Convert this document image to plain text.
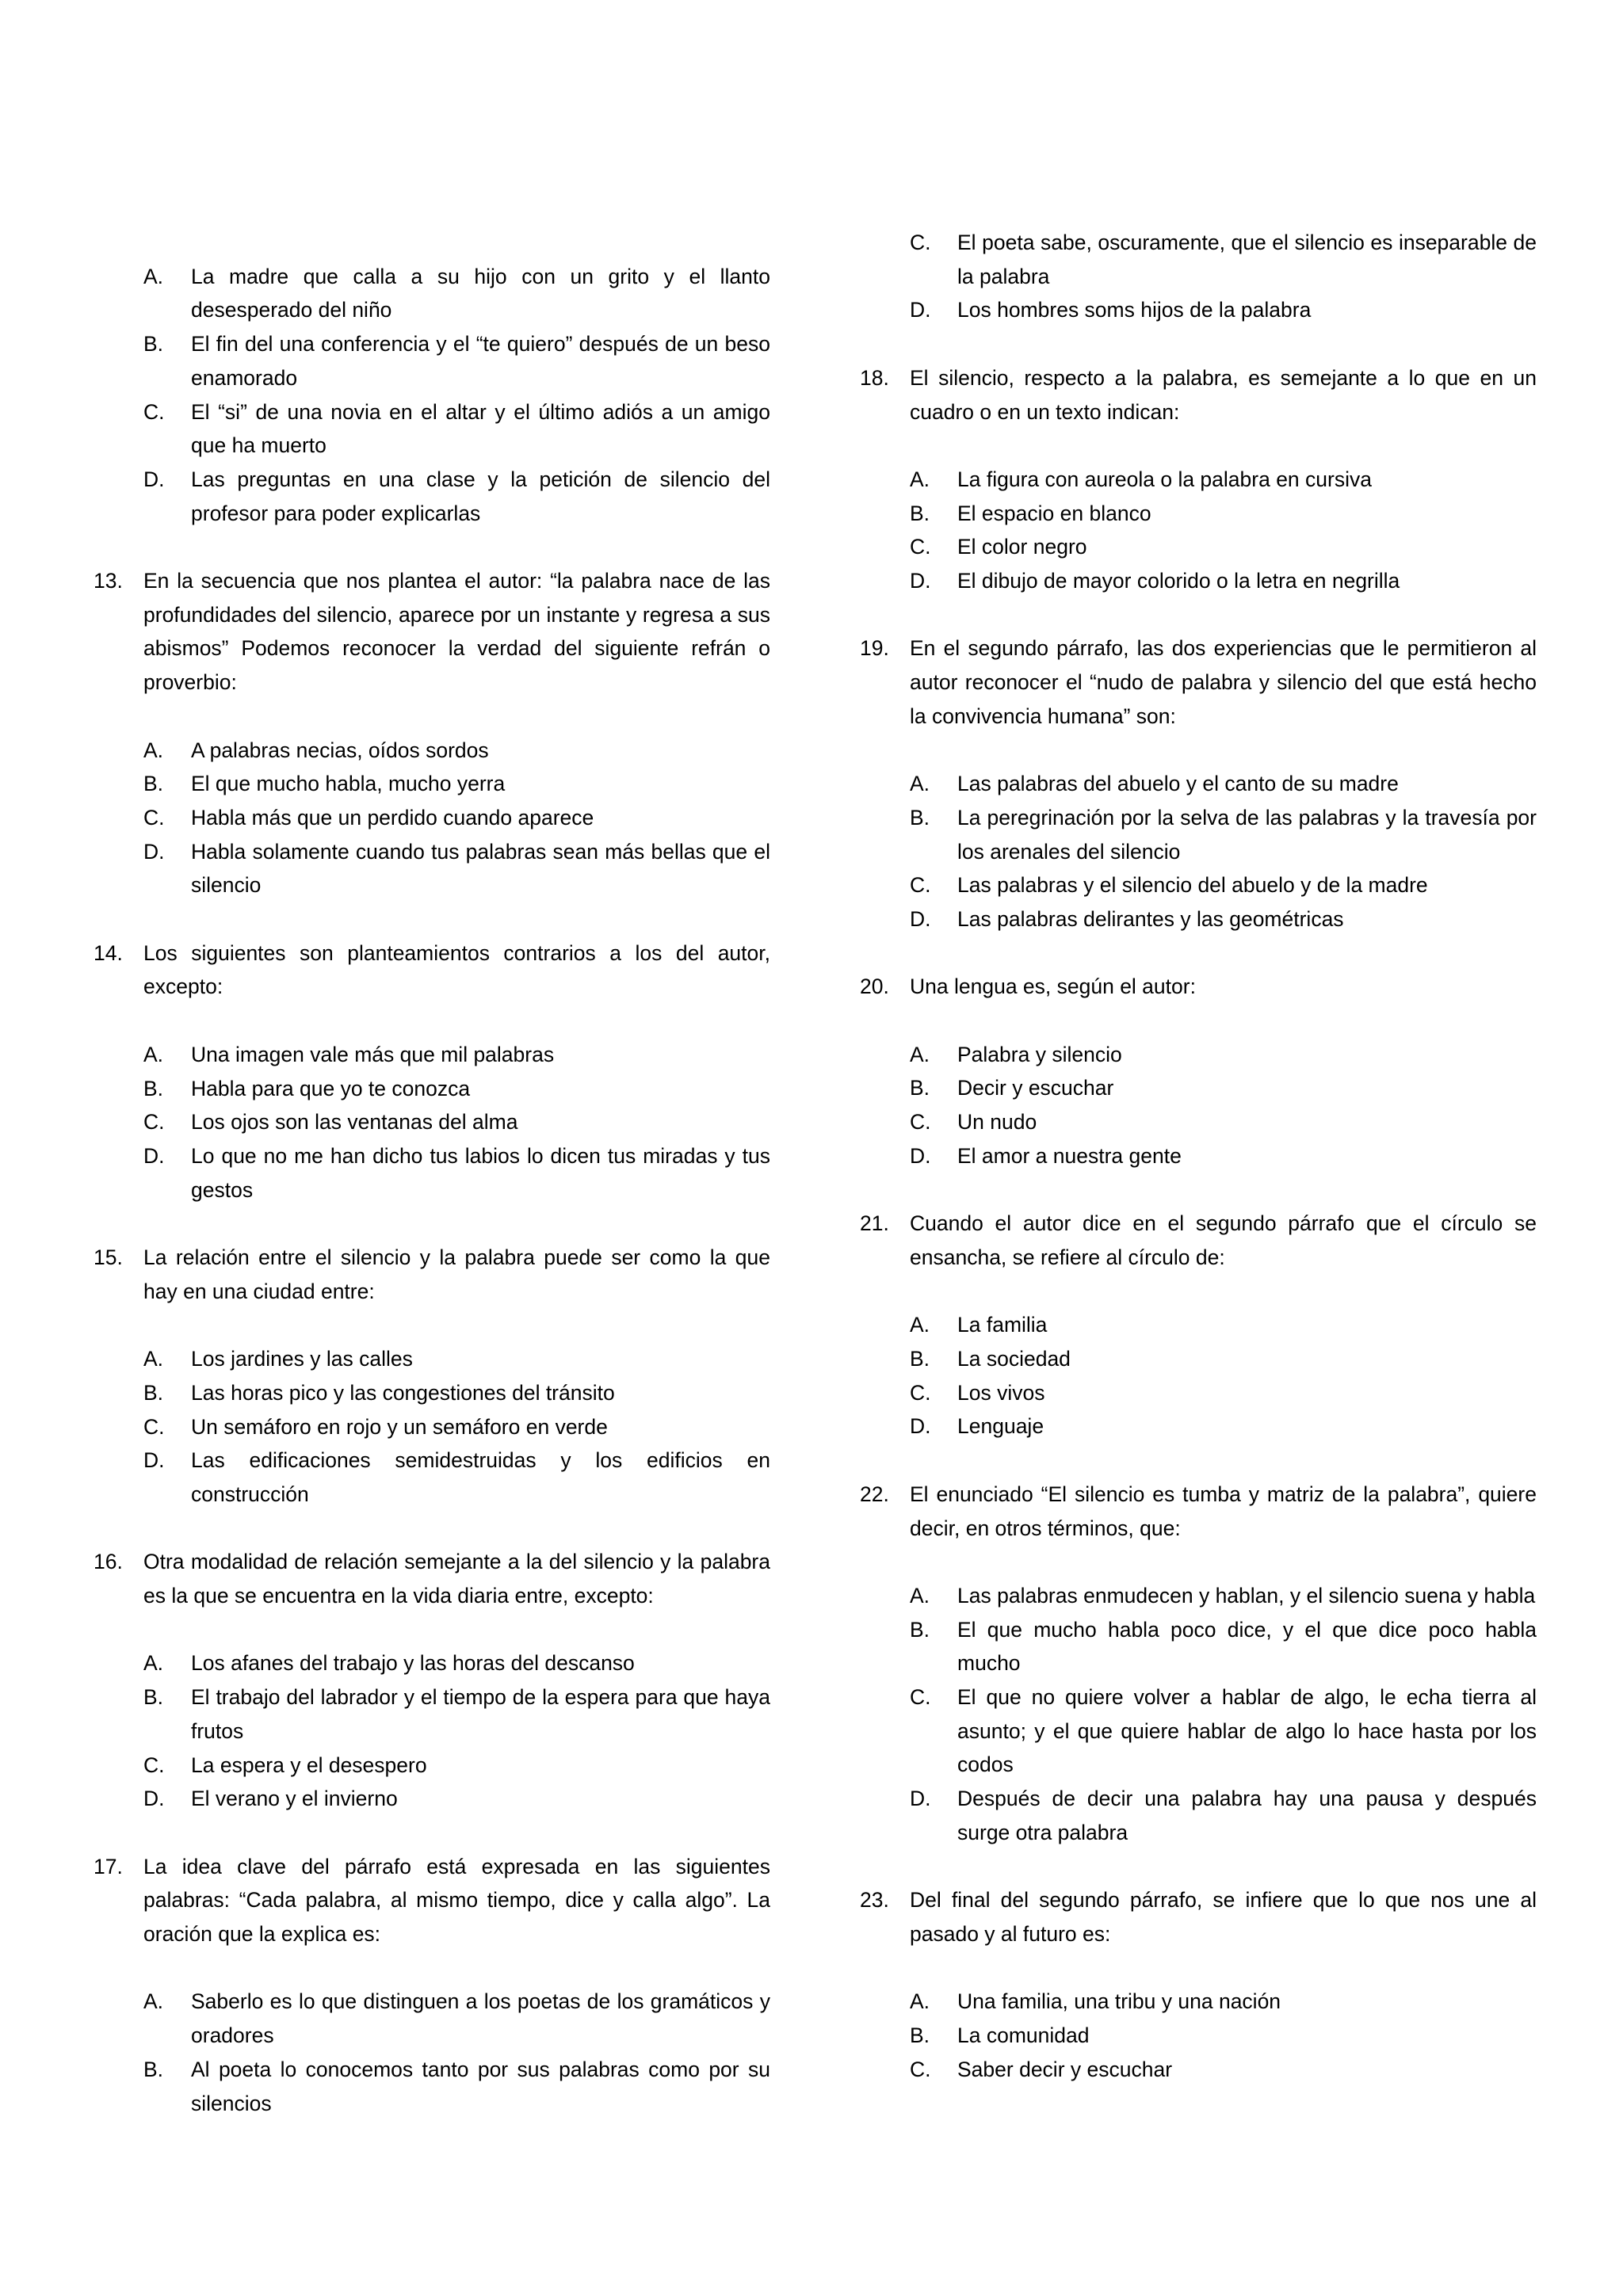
A.	La madre que calla a su hijo con un grito y el llanto desesperado del niño
B.	El fin del una conferencia y el “te quiero” después de un beso enamorado
C.	El “si” de una novia en el altar y el último adiós a un amigo que ha muerto
D.	Las preguntas en una clase y la petición de silencio del profesor para poder explicarlas
13. En la secuencia que nos plantea el autor: “la palabra nace de las profundidades del silencio, aparece por un instante y regresa a sus abismos” Podemos reconocer la verdad del siguiente refrán o proverbio:
A.	A palabras necias, oídos sordos
B.	El que mucho habla, mucho yerra
C.	Habla más que un perdido cuando aparece
D.	Habla solamente cuando tus palabras sean más bellas que el silencio
14. Los siguientes son planteamientos contrarios a los del autor, excepto:
A.	Una imagen vale más que mil palabras
B.	Habla para que yo te conozca
C.	Los ojos son las ventanas del alma
D.	Lo que no me han dicho tus labios lo dicen tus miradas y tus gestos
15. La relación entre el silencio y la palabra puede ser como la que hay en una ciudad entre:
A.	Los jardines y las calles
B.	Las horas pico y las congestiones del tránsito
C.	Un semáforo en rojo y un semáforo en verde
D.	Las edificaciones semidestruidas y los edificios en construcción
16. Otra modalidad de relación semejante a la del silencio y la palabra es la que se encuentra en la vida diaria entre, excepto:
A.	Los afanes del trabajo y las horas del descanso
B.	El trabajo del labrador y el tiempo de la espera para que haya frutos
C.	La espera y el desespero
D.	El verano y el invierno
17. La idea clave del párrafo está expresada en las siguientes palabras: “Cada palabra, al mismo tiempo, dice y calla algo”. La oración que la explica es:
A.	Saberlo es lo que distinguen a los poetas de los gramáticos y oradores
B.	Al poeta lo conocemos tanto por sus palabras como por su silencios
C.	El poeta sabe, oscuramente, que el silencio es inseparable de la palabra
D.	Los hombres soms hijos de la palabra
18. El silencio, respecto a la palabra, es semejante a lo que en un cuadro o en un texto indican:
A.	La figura con aureola o la palabra en cursiva
B.	El espacio en blanco
C.	El color negro
D.	El dibujo de mayor colorido o la letra en negrilla
19. En el segundo párrafo, las dos experiencias que le permitieron al autor reconocer el “nudo de palabra y silencio del que está hecho la convivencia humana” son:
A.	Las palabras del abuelo y el canto de su madre
B.	La peregrinación por la selva de las palabras y la travesía por los arenales del silencio
C.	Las palabras y el silencio del abuelo y de la madre
D.	Las palabras delirantes y las geométricas
20. Una lengua es, según el autor:
A.	Palabra y silencio
B.	Decir y escuchar
C.	Un nudo
D.	El amor a nuestra gente
21. Cuando el autor dice en el segundo párrafo que el círculo se ensancha, se refiere al círculo de:
A.	La familia
B.	La sociedad
C.	Los vivos
D.	Lenguaje
22. El enunciado “El silencio es tumba y matriz de la palabra”, quiere decir, en otros términos, que:
A.	Las palabras enmudecen y hablan, y el silencio suena y habla
B.	El que mucho habla poco dice, y el que dice poco habla mucho
C.	El que no quiere volver a hablar de algo, le echa tierra al asunto; y el que quiere hablar de algo lo hace hasta por los codos
D.	Después de decir una palabra hay una pausa y después surge otra palabra
23. Del final del segundo párrafo, se infiere que lo que nos une al pasado y al futuro es:
A.	Una familia, una tribu y una nación
B.	La comunidad
C.	Saber decir y escuchar
